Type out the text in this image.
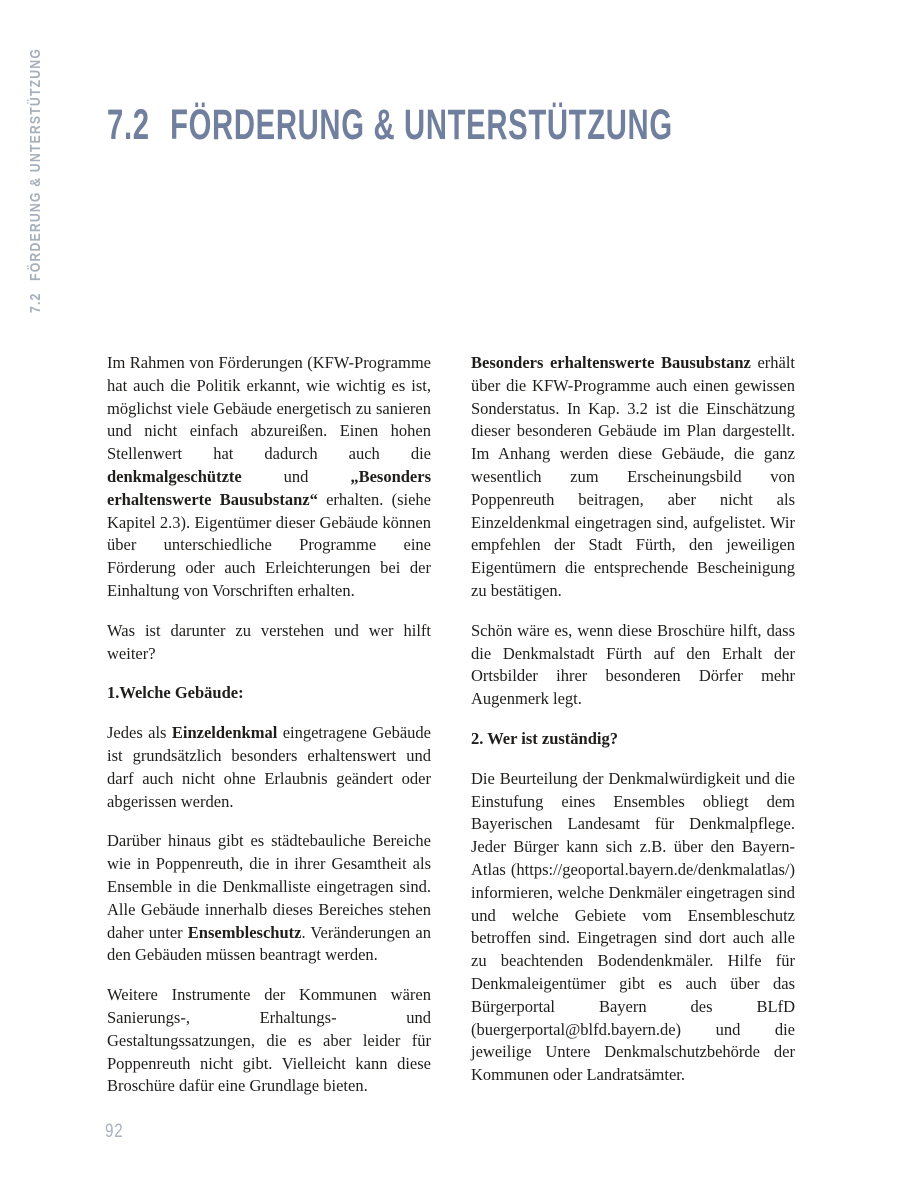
7.2FÖRDERUNG & UNTERSTÜTZUNG 7.2 FÖRDERUNG & UNTERSTÜTZUNG

Im Rahmen von Förderungen (KFW-Programme hat auch die Politik erkannt, wie wichtig es ist, möglichst viele Gebäude energetisch zu sanieren und nicht einfach abzureißen. Einen hohen Stellenwert hat dadurch auch die denkmalgeschützte und „Besonders erhaltenswerte Bausubstanz“ erhalten. (siehe Kapitel 2.3). Eigentümer dieser Gebäude können über unterschiedliche Programme eine Förderung oder auch Erleichterungen bei der Einhaltung von Vorschriften erhalten.

Was ist darunter zu verstehen und wer hilft weiter?

1.Welche Gebäude:

Jedes als Einzeldenkmal eingetragene Gebäude ist grundsätzlich besonders erhaltenswert und darf auch nicht ohne Erlaubnis geändert oder abgerissen werden.

Darüber hinaus gibt es städtebauliche Bereiche wie in Poppenreuth, die in ihrer Gesamtheit als Ensemble in die Denkmalliste eingetragen sind. Alle Gebäude innerhalb dieses Bereiches stehen daher unter Ensembleschutz. Veränderungen an den Gebäuden müssen beantragt werden.

Weitere Instrumente der Kommunen wären Sanierungs-, Erhaltungs- und Gestaltungssatzungen, die es aber leider für Poppenreuth nicht gibt. Vielleicht kann diese Broschüre dafür eine Grundlage bieten.

Besonders erhaltenswerte Bausubstanz erhält über die KFW-Programme auch einen gewissen Sonderstatus. In Kap. 3.2 ist die Einschätzung dieser besonderen Gebäude im Plan dargestellt. Im Anhang werden diese Gebäude, die ganz wesentlich zum Erscheinungsbild von Poppenreuth beitragen, aber nicht als Einzeldenkmal eingetragen sind, aufgelistet. Wir empfehlen der Stadt Fürth, den jeweiligen Eigentümern die entsprechende Bescheinigung zu bestätigen.

Schön wäre es, wenn diese Broschüre hilft, dass die Denkmalstadt Fürth auf den Erhalt der Ortsbilder ihrer besonderen Dörfer mehr Augenmerk legt.

2. Wer ist zuständig?

Die Beurteilung der Denkmalwürdigkeit und die Einstufung eines Ensembles obliegt dem Bayerischen Landesamt für Denkmalpflege. Jeder Bürger kann sich z.B. über den Bayern-Atlas (https://geoportal.bayern.de/denkmalatlas/) informieren, welche Denkmäler eingetragen sind und welche Gebiete vom Ensembleschutz betroffen sind. Eingetragen sind dort auch alle zu beachtenden Bodendenkmäler. Hilfe für Denkmaleigentümer gibt es auch über das Bürgerportal Bayern des BLfD (buergerportal@blfd.bayern.de) und die jeweilige Untere Denkmalschutzbehörde der Kommunen oder Landratsämter.

92
